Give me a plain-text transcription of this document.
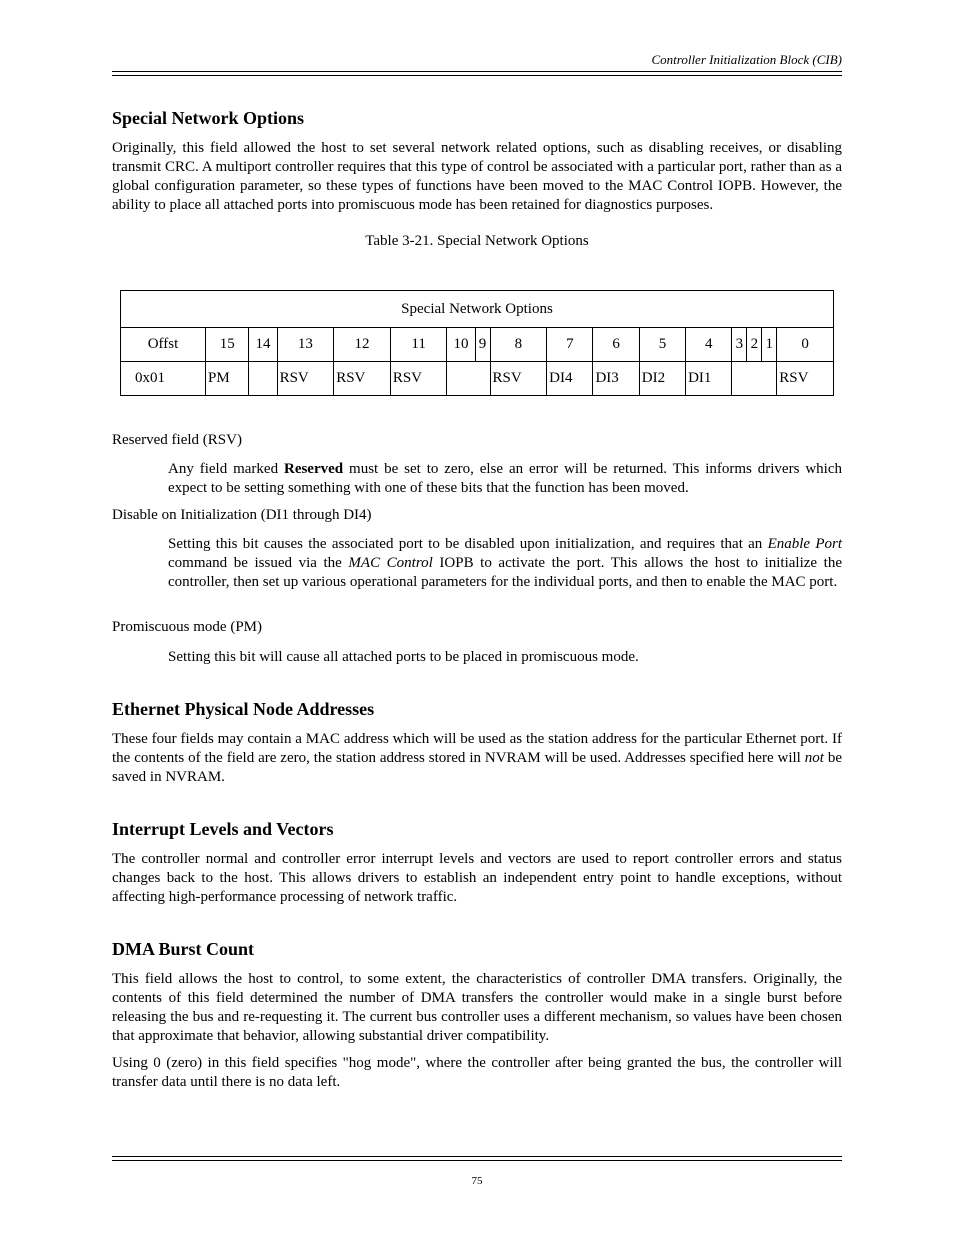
Controller Initialization Block (CIB)
Special Network Options

Originally, this field allowed the host to set several network related options, such as disabling receives, or disabling transmit CRC. A multiport controller requires that this type of control be associated with a particular port, rather than as a global configuration parameter, so these types of functions have been moved to the MAC Control IOPB. However, the ability to place all attached ports into promiscuous mode has been retained for diagnostics purposes.

Table 3-21. Special Network Options
Special Network Options																
Offst	15	14	13	12	11	10	9	8	7	6	5	4	3	2	1	0
0x01	PM		RSV	RSV	RSV			RSV	DI4	DI3	DI2	DI1				RSV

Reserved field (RSV)

Any field marked Reserved must be set to zero, else an error will be returned. This informs drivers which expect to be setting something with one of these bits that the function has been moved.

Disable on Initialization (DI1 through DI4)

Setting this bit causes the associated port to be disabled upon initialization, and requires that an Enable Port command be issued via the MAC Control IOPB to activate the port. This allows the host to initialize the controller, then set up various operational parameters for the individual ports, and then to enable the MAC port.

Promiscuous mode (PM)

Setting this bit will cause all attached ports to be placed in promiscuous mode.

Ethernet Physical Node Addresses

These four fields may contain a MAC address which will be used as the station address for the particular Ethernet port. If the contents of the field are zero, the station address stored in NVRAM will be used. Addresses specified here will not be saved in NVRAM.

Interrupt Levels and Vectors

The controller normal and controller error interrupt levels and vectors are used to report controller errors and status changes back to the host. This allows drivers to establish an independent entry point to handle exceptions, without affecting high-performance processing of network traffic.

DMA Burst Count

This field allows the host to control, to some extent, the characteristics of controller DMA transfers. Originally, the contents of this field determined the number of DMA transfers the controller would make in a single burst before releasing the bus and re-requesting it. The current bus controller uses a different mechanism, so values have been chosen that approximate that behavior, allowing substantial driver compatibility.

Using 0 (zero) in this field specifies "hog mode", where the controller after being granted the bus, the controller will transfer data until there is no data left.

75
